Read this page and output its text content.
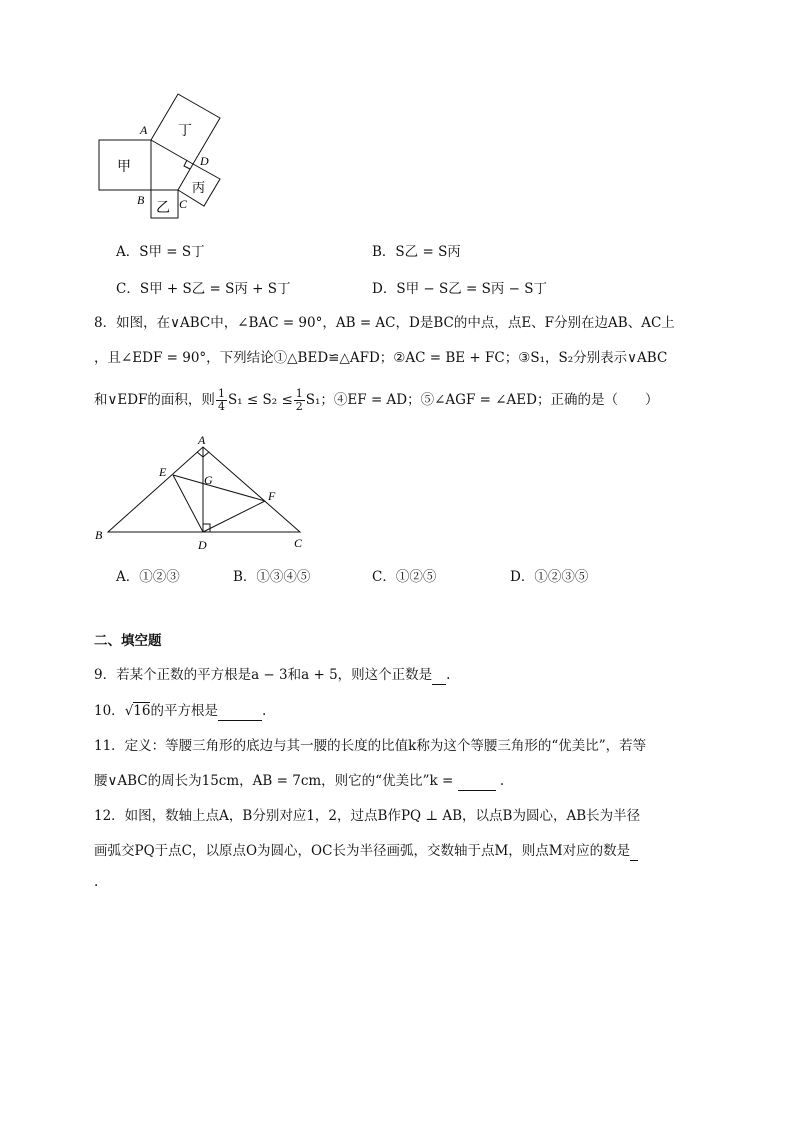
A
D
B	C
甲
丁
乙
丙
A．S甲 = S丁	B．S乙 = S丙
C．S甲 + S乙 = S丙 + S丁	D．S甲 − S乙 = S丙 − S丁
8．如图，在∨ABC中，∠BAC = 90°，AB = AC，D是BC的中点，点E、F分别在边AB、AC上
，且∠EDF = 90°，下列结论①△BED≌△AFD；②AC = BE + FC；③S₁，S₂分别表示∨ABC
和∨EDF的面积，则 $\frac{1}{4} S_1 \le S_2 \le \frac{1}{2} S_1$；④EF = AD；⑤∠AGF = ∠AED；正确的是（　　）
A
E
G
F
B
D	C
A．①②③	B．①③④⑤	C．①②⑤	D．①②③⑤
二、填空题
9．若某个正数的平方根是a − 3和a + 5，则这个正数是 .
10．√16的平方根是	.
11．定义：等腰三角形的底边与其一腰的长度的比值k称为这个等腰三角形的“优美比”，若等
腰∨ABC的周长为15cm，AB = 7cm，则它的“优美比”k =	.
12．如图，数轴上点A，B分别对应1，2，过点B作PQ ⊥ AB，以点B为圆心，AB长为半径
画弧交PQ于点C，以原点O为圆心，OC长为半径画弧，交数轴于点M，则点M对应的数是
.
